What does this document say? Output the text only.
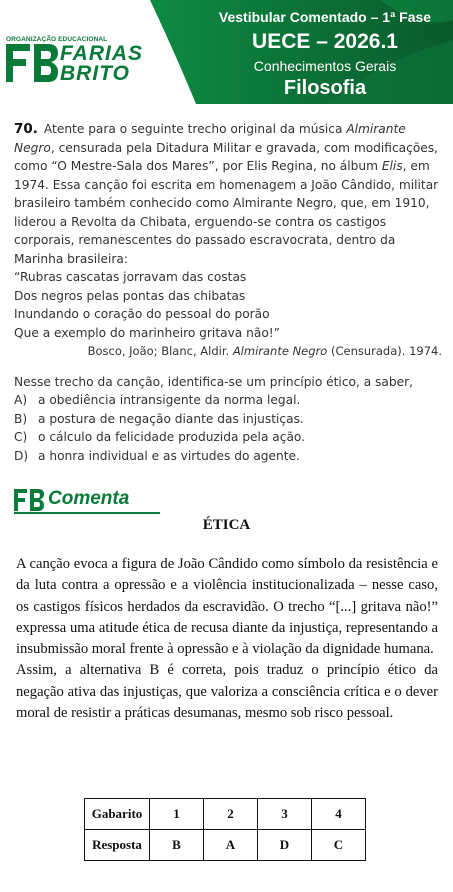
ORGANIZAÇÃO EDUCACIONAL
FARIAS
BRITO
Vestibular Comentado – 1ª Fase
UECE – 2026.1
Conhecimentos Gerais
Filosofia

70. Atente para o seguinte trecho original da música Almirante Negro, censurada pela Ditadura Militar e gravada, com modificações, como “O Mestre-Sala dos Mares”, por Elis Regina, no álbum Elis, em 1974. Essa canção foi escrita em homenagem a João Cândido, militar brasileiro também conhecido como Almirante Negro, que, em 1910, liderou a Revolta da Chibata, erguendo-se contra os castigos corporais, remanescentes do passado escravocrata, dentro da Marinha brasileira:

“Rubras cascatas jorravam das costas
Dos negros pelas pontas das chibatas
Inundando o coração do pessoal do porão
Que a exemplo do marinheiro gritava não!”

Bosco, João; Blanc, Aldir. Almirante Negro (Censurada). 1974.

Nesse trecho da canção, identifica-se um princípio ético, a saber,

A) a obediência intransigente da norma legal.
B) a postura de negação diante das injustiças.
C) o cálculo da felicidade produzida pela ação.
D) a honra individual e as virtudes do agente.
Comenta
ÉTICA

A canção evoca a figura de João Cândido como símbolo da resistência e da luta contra a opressão e a violência institucionalizada – nesse caso, os castigos físicos herdados da escravidão. O trecho “[...] gritava não!” expressa uma atitude ética de recusa diante da injustiça, representando a insubmissão moral frente à opressão e à violação da dignidade humana.

Assim, a alternativa B é correta, pois traduz o princípio ético da negação ativa das injustiças, que valoriza a consciência crítica e o dever moral de resistir a práticas desumanas, mesmo sob risco pessoal.

Gabarito	1	2	3	4
Resposta	B	A	D	C
